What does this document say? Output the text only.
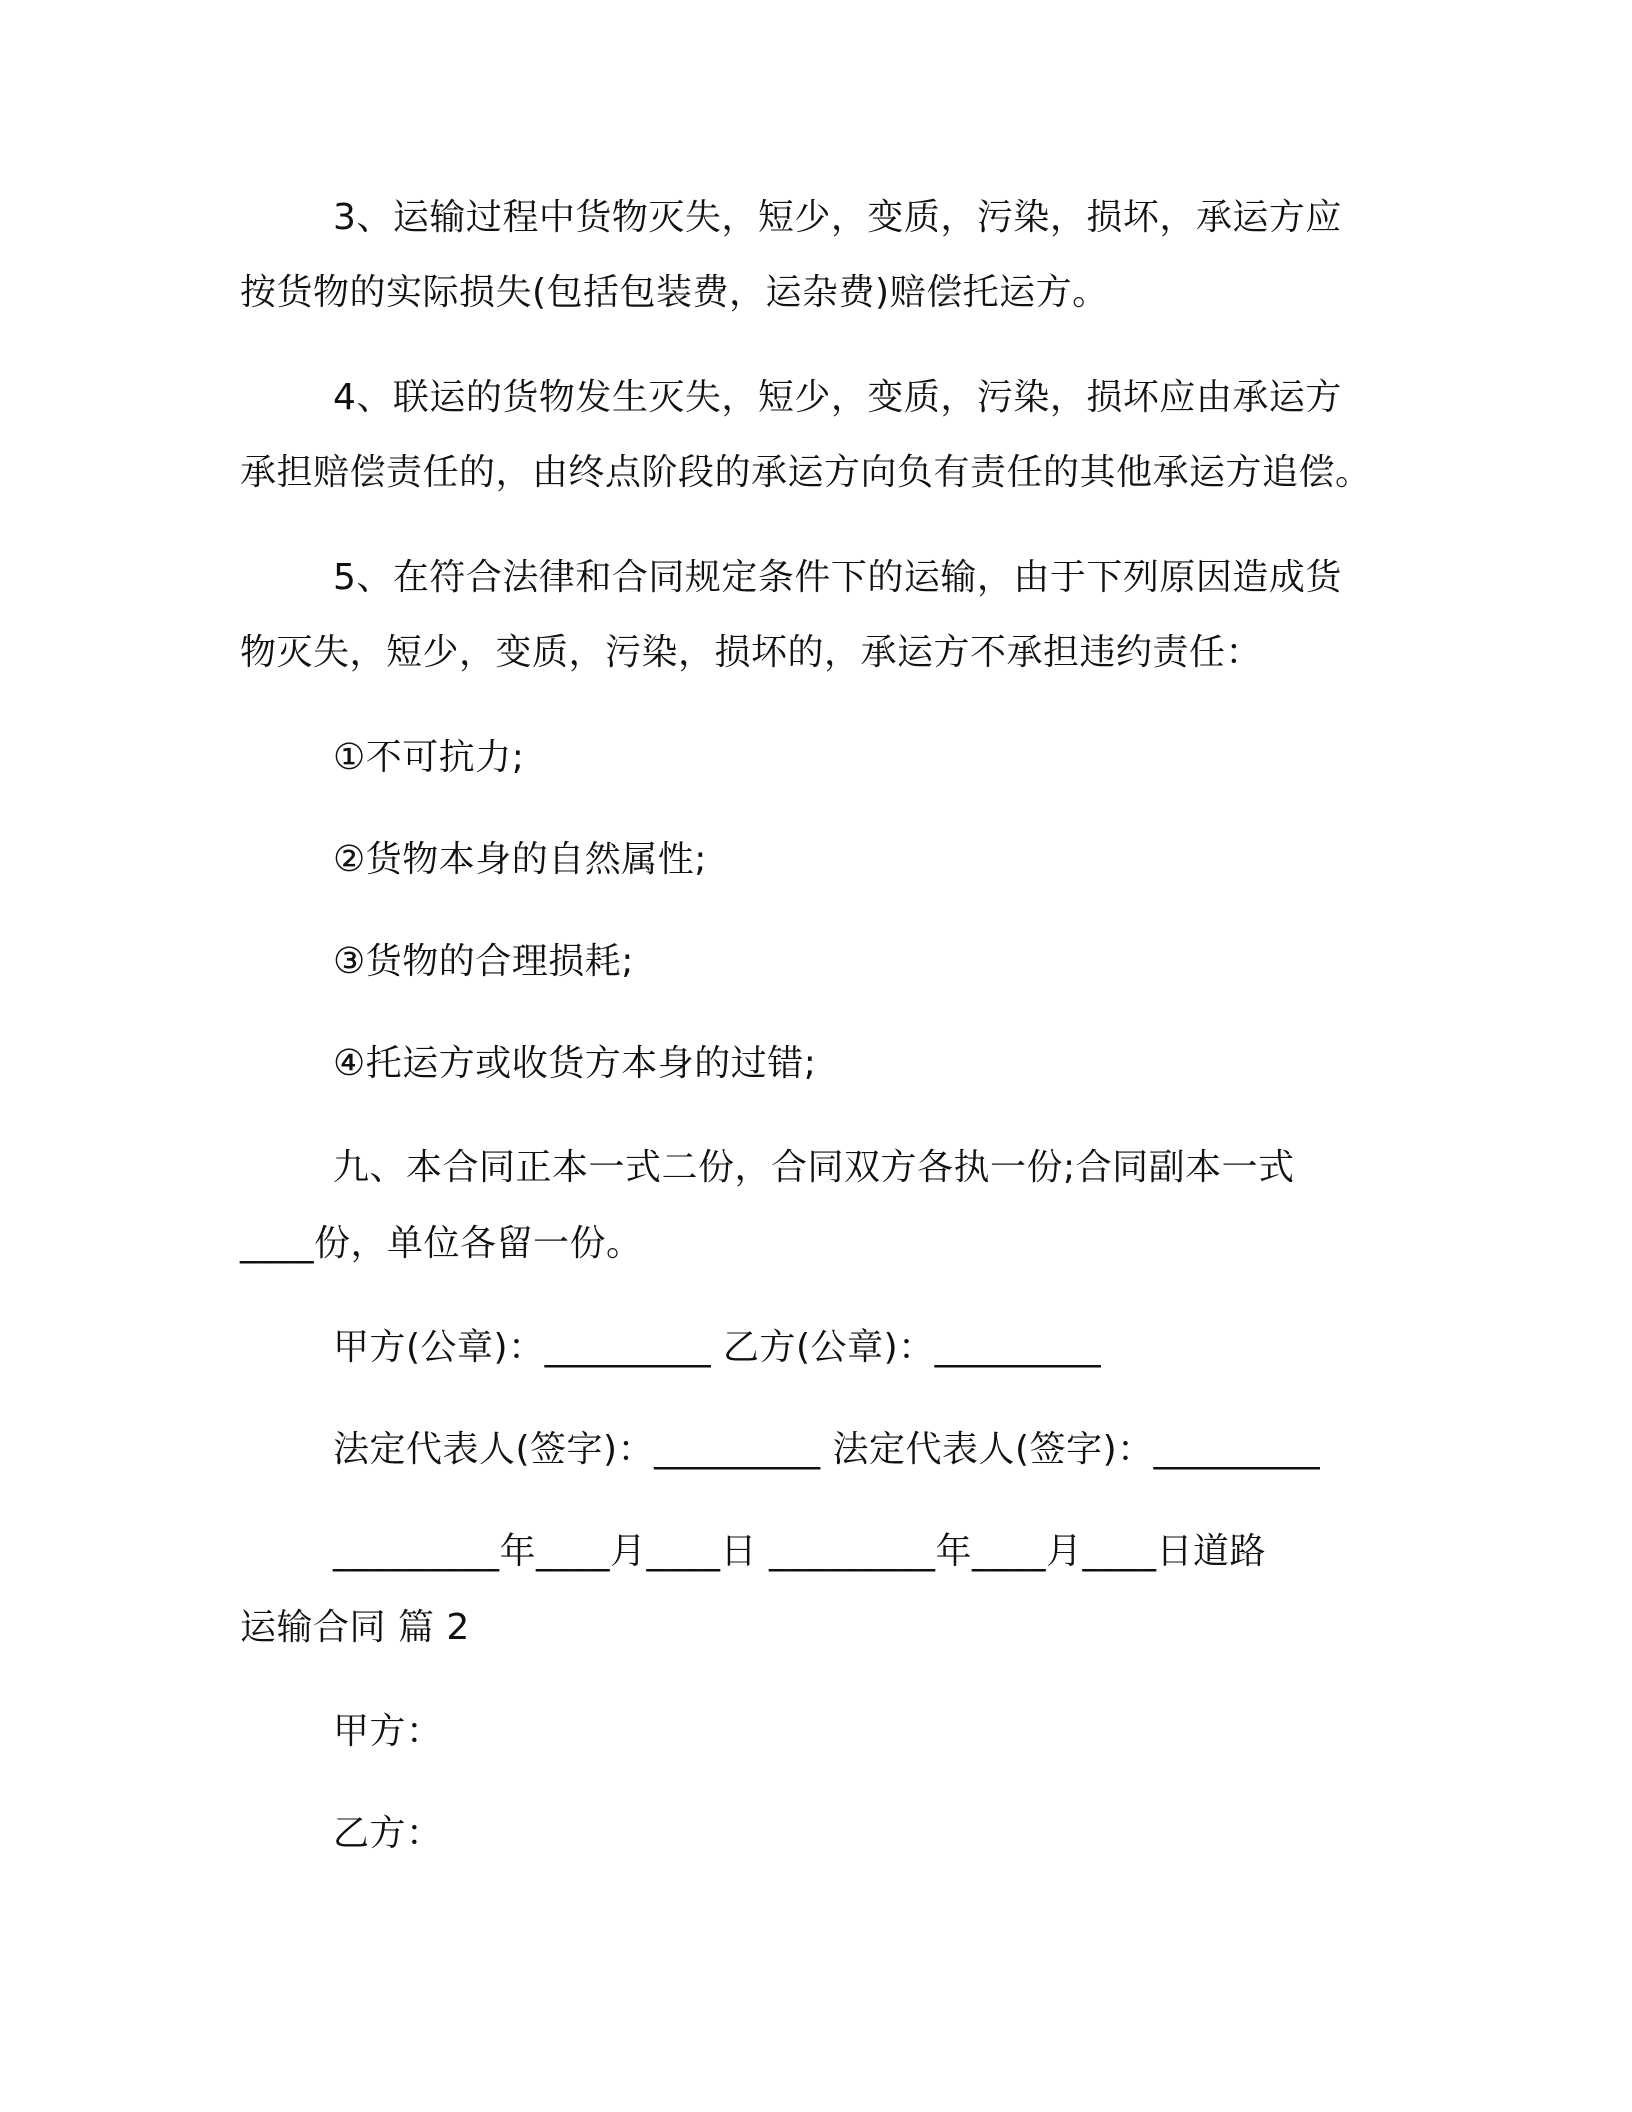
3、运输过程中货物灭失，短少，变质，污染，损坏，承运方应
按货物的实际损失(包括包装费，运杂费)赔偿托运方。
4、联运的货物发生灭失，短少，变质，污染，损坏应由承运方
承担赔偿责任的，由终点阶段的承运方向负有责任的其他承运方追偿。
5、在符合法律和合同规定条件下的运输，由于下列原因造成货
物灭失，短少，变质，污染，损坏的，承运方不承担违约责任：
①不可抗力;
②货物本身的自然属性;
③货物的合理损耗;
④托运方或收货方本身的过错;
九、本合同正本一式二份，合同双方各执一份;合同副本一式
____份，单位各留一份。
甲方(公章)：_________ 乙方(公章)：_________
法定代表人(签字)：_________ 法定代表人(签字)：_________
_________年____月____日 _________年____月____日道路
运输合同 篇 2
甲方：
乙方：
